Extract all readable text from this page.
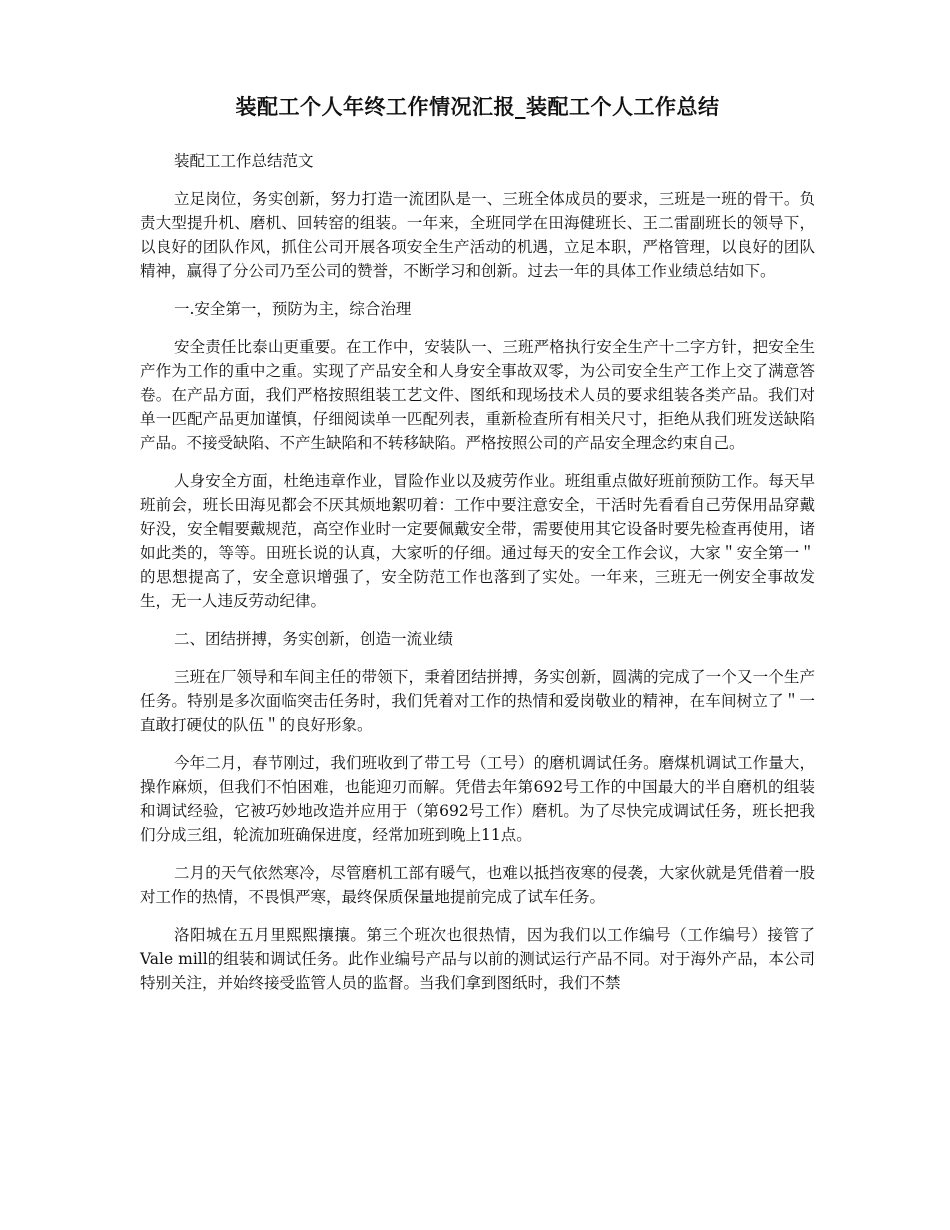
装配工个人年终工作情况汇报_装配工个人工作总结

装配工工作总结范文

立足岗位，务实创新，努力打造一流团队是一、三班全体成员的要求，三班是一班的骨干。负责大型提升机、磨机、回转窑的组装。一年来，全班同学在田海健班长、王二雷副班长的领导下，以良好的团队作风，抓住公司开展各项安全生产活动的机遇，立足本职，严格管理，以良好的团队精神，赢得了分公司乃至公司的赞誉，不断学习和创新。过去一年的具体工作业绩总结如下。

一.安全第一，预防为主，综合治理

安全责任比泰山更重要。在工作中，安装队一、三班严格执行安全生产十二字方针，把安全生产作为工作的重中之重。实现了产品安全和人身安全事故双零，为公司安全生产工作上交了满意答卷。在产品方面，我们严格按照组装工艺文件、图纸和现场技术人员的要求组装各类产品。我们对单一匹配产品更加谨慎，仔细阅读单一匹配列表，重新检查所有相关尺寸，拒绝从我们班发送缺陷产品。不接受缺陷、不产生缺陷和不转移缺陷。严格按照公司的产品安全理念约束自己。

人身安全方面，杜绝违章作业，冒险作业以及疲劳作业。班组重点做好班前预防工作。每天早班前会，班长田海见都会不厌其烦地絮叨着：工作中要注意安全，干活时先看看自己劳保用品穿戴好没，安全帽要戴规范，高空作业时一定要佩戴安全带，需要使用其它设备时要先检查再使用，诸如此类的，等等。田班长说的认真，大家听的仔细。通过每天的安全工作会议，大家＂安全第一＂的思想提高了，安全意识增强了，安全防范工作也落到了实处。一年来，三班无一例安全事故发生，无一人违反劳动纪律。

二、团结拼搏，务实创新，创造一流业绩

三班在厂领导和车间主任的带领下，秉着团结拼搏，务实创新，圆满的完成了一个又一个生产任务。特别是多次面临突击任务时，我们凭着对工作的热情和爱岗敬业的精神，在车间树立了＂一直敢打硬仗的队伍＂的良好形象。

今年二月，春节刚过，我们班收到了带工号（工号）的磨机调试任务。磨煤机调试工作量大，操作麻烦，但我们不怕困难，也能迎刃而解。凭借去年第692号工作的中国最大的半自磨机的组装和调试经验，它被巧妙地改造并应用于（第692号工作）磨机。为了尽快完成调试任务，班长把我们分成三组，轮流加班确保进度，经常加班到晚上11点。

二月的天气依然寒冷，尽管磨机工部有暖气，也难以抵挡夜寒的侵袭，大家伙就是凭借着一股对工作的热情，不畏惧严寒，最终保质保量地提前完成了试车任务。

洛阳城在五月里熙熙攘攘。第三个班次也很热情，因为我们以工作编号（工作编号）接管了Vale mill的组装和调试任务。此作业编号产品与以前的测试运行产品不同。对于海外产品，本公司特别关注，并始终接受监管人员的监督。当我们拿到图纸时，我们不禁
